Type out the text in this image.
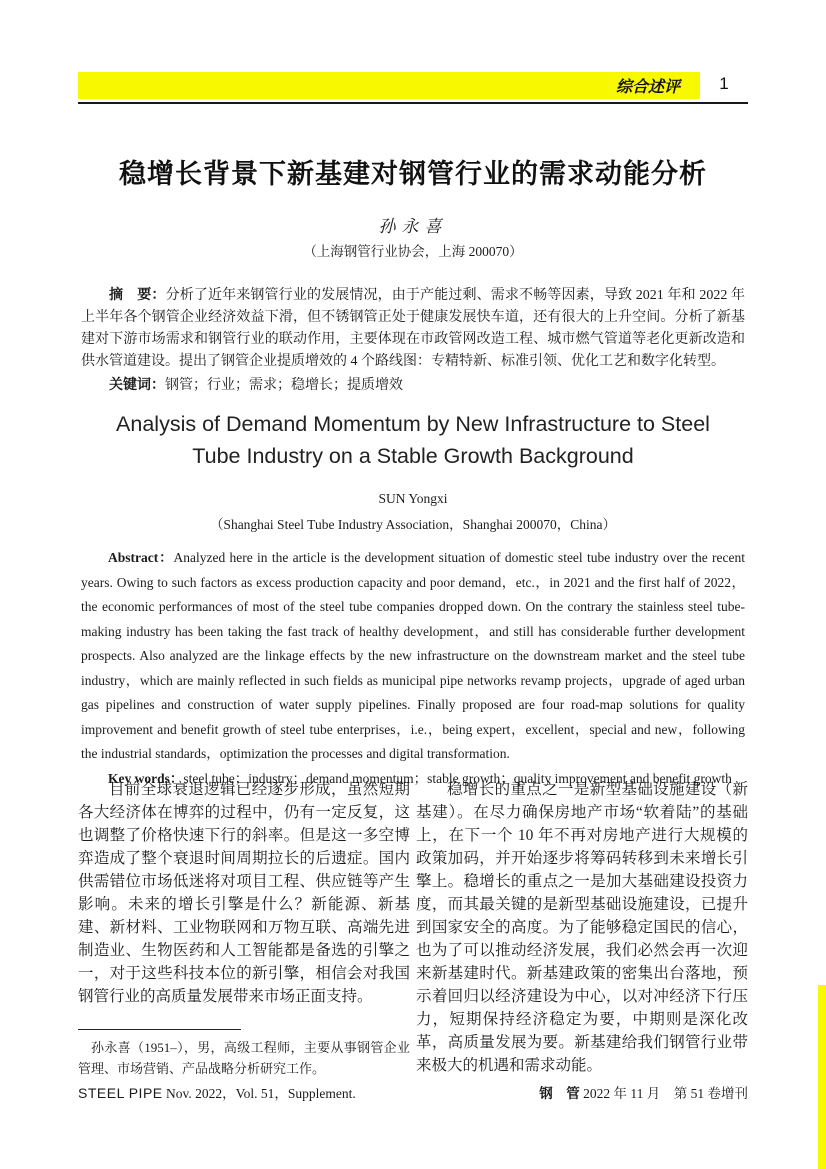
综合述评	1
稳增长背景下新基建对钢管行业的需求动能分析
孙永喜
（上海钢管行业协会，上海 200070）

摘　要：分析了近年来钢管行业的发展情况，由于产能过剩、需求不畅等因素，导致 2021 年和 2022 年上半年各个钢管企业经济效益下滑，但不锈钢管正处于健康发展快车道，还有很大的上升空间。分析了新基建对下游市场需求和钢管行业的联动作用，主要体现在市政管网改造工程、城市燃气管道等老化更新改造和供水管道建设。提出了钢管企业提质增效的 4 个路线图：专精特新、标准引领、优化工艺和数字化转型。

关键词：钢管；行业；需求；稳增长；提质增效

Analysis of Demand Momentum by New Infrastructure to Steel Tube Industry on a Stable Growth Background
SUN Yongxi
（Shanghai Steel Tube Industry Association，Shanghai 200070，China）

Abstract：Analyzed here in the article is the development situation of domestic steel tube industry over the recent years. Owing to such factors as excess production capacity and poor demand，etc.，in 2021 and the first half of 2022，the economic performances of most of the steel tube companies dropped down. On the contrary the stainless steel tube-making industry has been taking the fast track of healthy development，and still has considerable further development prospects. Also analyzed are the linkage effects by the new infrastructure on the downstream market and the steel tube industry，which are mainly reflected in such fields as municipal pipe networks revamp projects，upgrade of aged urban gas pipelines and construction of water supply pipelines. Finally proposed are four road-map solutions for quality improvement and benefit growth of steel tube enterprises，i.e.，being expert，excellent，special and new，following the industrial standards，optimization the processes and digital transformation.

Key words：steel tube；industry；demand momentum；stable growth；quality improvement and benefit growth

目前全球衰退逻辑已经逐步形成，虽然短期各大经济体在博弈的过程中，仍有一定反复，这也调整了价格快速下行的斜率。但是这一多空博弈造成了整个衰退时间周期拉长的后遗症。国内供需错位市场低迷将对项目工程、供应链等产生影响。未来的增长引擎是什么？新能源、新基建、新材料、工业物联网和万物互联、高端先进制造业、生物医药和人工智能都是备选的引擎之一，对于这些科技本位的新引擎，相信会对我国钢管行业的高质量发展带来市场正面支持。

孙永喜（1951–），男，高级工程师，主要从事钢管企业管理、市场营销、产品战略分析研究工作。

稳增长的重点之一是新型基础设施建设（新基建）。在尽力确保房地产市场“软着陆”的基础上，在下一个 10 年不再对房地产进行大规模的政策加码，并开始逐步将筹码转移到未来增长引擎上。稳增长的重点之一是加大基础建设投资力度，而其最关键的是新型基础设施建设，已提升到国家安全的高度。为了能够稳定国民的信心，也为了可以推动经济发展，我们必然会再一次迎来新基建时代。新基建政策的密集出台落地，预示着回归以经济建设为中心，以对冲经济下行压力，短期保持经济稳定为要，中期则是深化改革，高质量发展为要。新基建给我们钢管行业带来极大的机遇和需求动能。

STEEL PIPE Nov. 2022，Vol. 51，Supplement.	钢　管 2022 年 11 月　第 51 卷增刊
